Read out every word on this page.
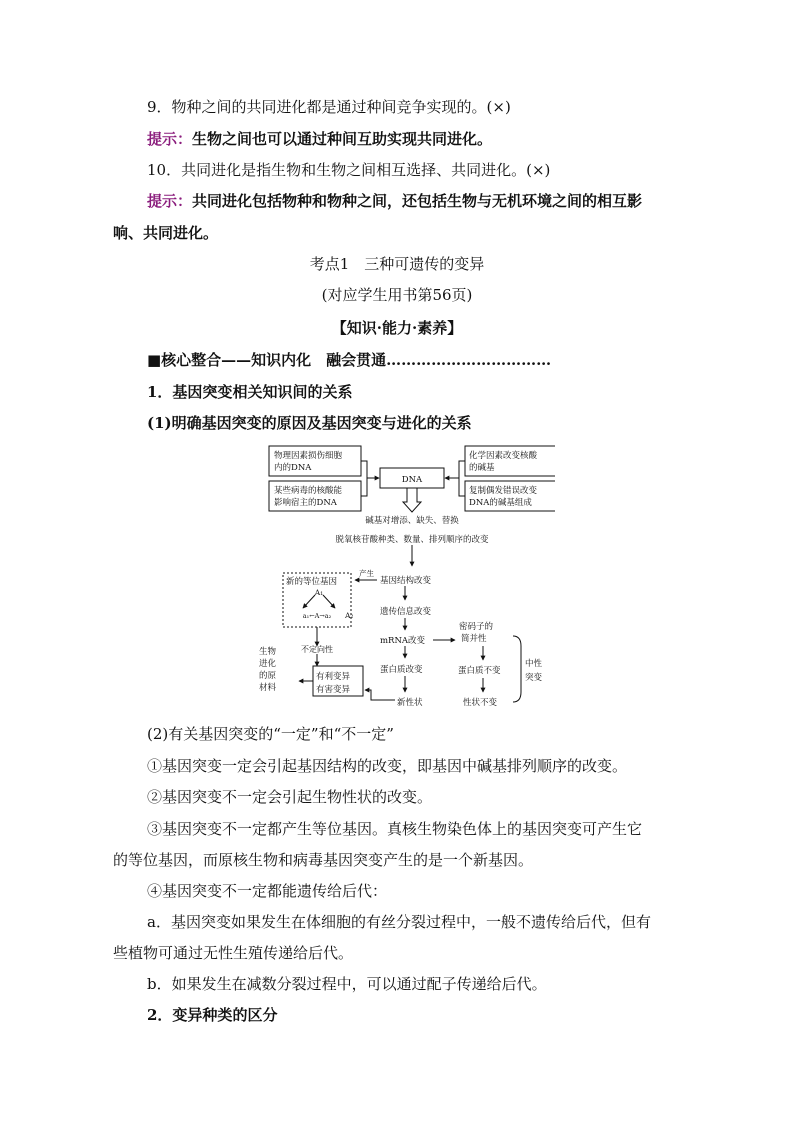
9．物种之间的共同进化都是通过种间竞争实现的。(×)
提示：生物之间也可以通过种间互助实现共同进化。
10．共同进化是指生物和生物之间相互选择、共同进化。(×)
提示：共同进化包括物种和物种之间，还包括生物与无机环境之间的相互影
响、共同进化。
考点1　三种可遗传的变异
(对应学生用书第56页)
【知识·能力·素养】
■核心整合——知识内化　融会贯通……………………………
1．基因突变相关知识间的关系
(1)明确基因突变的原因及基因突变与进化的关系
物理因素损伤细胞
内的DNA
某些病毒的核酸能
影响宿主的DNA
化学因素改变核酸
的碱基
复制偶发错误改变
DNA的碱基组成
DNA
碱基对增添、缺失、替换
脱氧核苷酸种类、数量、排列顺序的改变
新的等位基因
产生
基因结构改变
A₁
a₁←A→a₂ A₂
不定向性
遗传信息改变
mRNA改变
密码子的
简并性
生物
进化
的原
材料
有利变异
有害变异
蛋白质改变	蛋白质不变
中性
突变
新性状	性状不变
(2)有关基因突变的“一定”和“不一定”
①基因突变一定会引起基因结构的改变，即基因中碱基排列顺序的改变。
②基因突变不一定会引起生物性状的改变。
③基因突变不一定都产生等位基因。真核生物染色体上的基因突变可产生它
的等位基因，而原核生物和病毒基因突变产生的是一个新基因。
④基因突变不一定都能遗传给后代：
a．基因突变如果发生在体细胞的有丝分裂过程中，一般不遗传给后代，但有
些植物可通过无性生殖传递给后代。
b．如果发生在减数分裂过程中，可以通过配子传递给后代。
2．变异种类的区分
